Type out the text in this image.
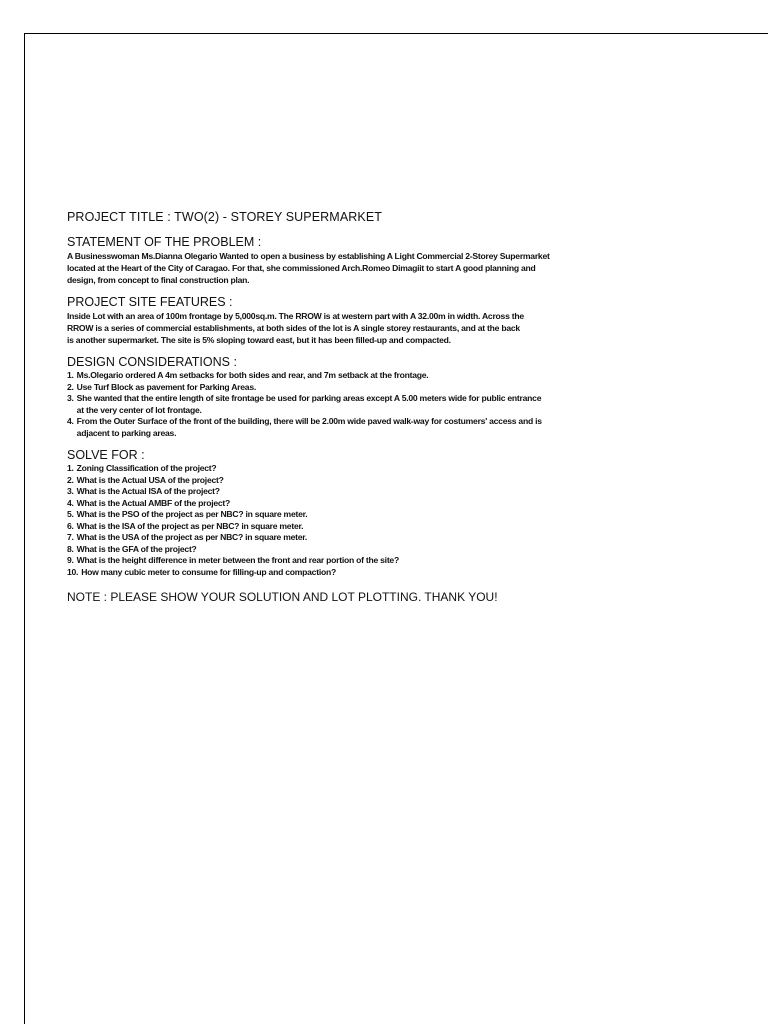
PROJECT TITLE : TWO(2) - STOREY SUPERMARKET
STATEMENT OF THE PROBLEM :
A Businesswoman Ms.Dianna Olegario Wanted to open a business by establishing A Light Commercial 2-Storey Supermarket
located at the Heart of the City of Caragao. For that, she commissioned Arch.Romeo Dimagiit to start A good planning and
design, from concept to final construction plan.
PROJECT SITE FEATURES :
Inside Lot with an area of 100m frontage by 5,000sq.m. The RROW is at western part with A 32.00m in width. Across the
RROW is a series of commercial establishments, at both sides of the lot is A single storey restaurants, and at the back
is another supermarket. The site is 5% sloping toward east, but it has been filled-up and compacted.
DESIGN CONSIDERATIONS :
1. Ms.Olegario ordered A 4m setbacks for both sides and rear, and 7m setback at the frontage.
2. Use Turf Block as pavement for Parking Areas.
3. She wanted that the entire length of site frontage be used for parking areas except A 5.00 meters wide for public entrance
at the very center of lot frontage.
4. From the Outer Surface of the front of the building, there will be 2.00m wide paved walk-way for costumers' access and is
adjacent to parking areas.
SOLVE FOR :
1. Zoning Classification of the project?
2. What is the Actual USA of the project?
3. What is the Actual ISA of the project?
4. What is the Actual AMBF of the project?
5. What is the PSO of the project as per NBC? in square meter.
6. What is the ISA of the project as per NBC? in square meter.
7. What is the USA of the project as per NBC? in square meter.
8. What is the GFA of the project?
9. What is the height difference in meter between the front and rear portion of the site?
10. How many cubic meter to consume for filling-up and compaction?
NOTE : PLEASE SHOW YOUR SOLUTION AND LOT PLOTTING. THANK YOU!
